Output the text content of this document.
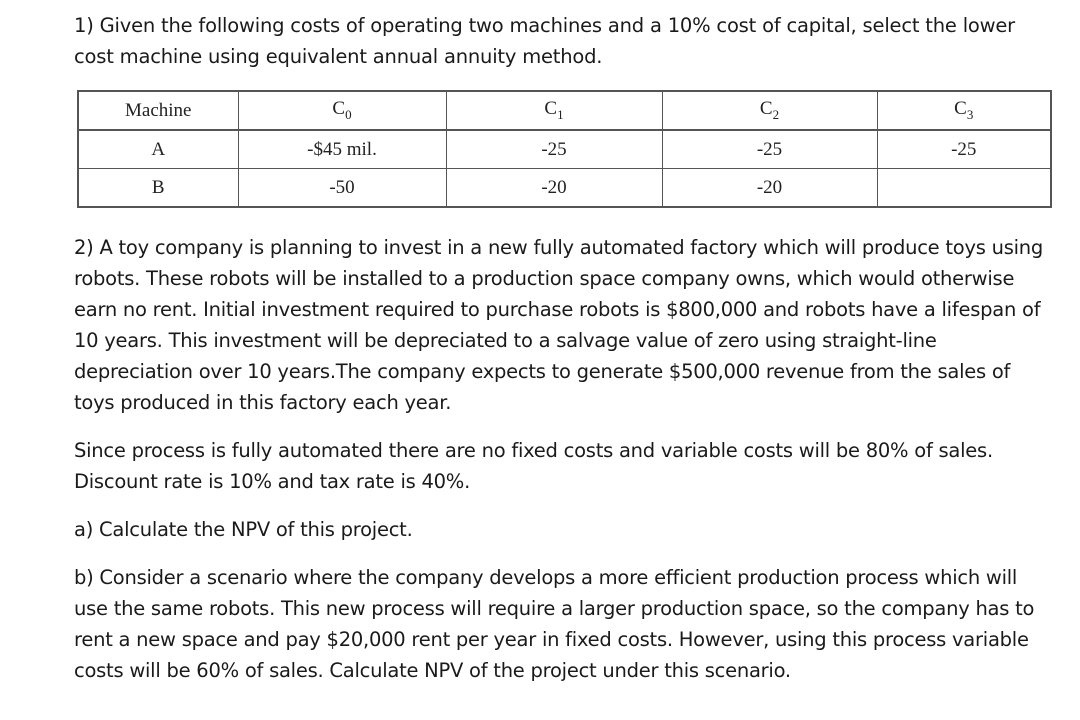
1) Given the following costs of operating two machines and a 10% cost of capital, select the lower
cost machine using equivalent annual annuity method.
Machine	$C_0$	$C_1$	$C_2$	$C_3$
A	-$45 mil.	-25	-25	-25
B	-50	-20	-20	

2) A toy company is planning to invest in a new fully automated factory which will produce toys using
robots. These robots will be installed to a production space company owns, which would otherwise
earn no rent. Initial investment required to purchase robots is $800,000 and robots have a lifespan of
10 years. This investment will be depreciated to a salvage value of zero using straight-line
depreciation over 10 years.The company expects to generate $500,000 revenue from the sales of
toys produced in this factory each year.

Since process is fully automated there are no fixed costs and variable costs will be 80% of sales.
Discount rate is 10% and tax rate is 40%.

a) Calculate the NPV of this project.

b) Consider a scenario where the company develops a more efficient production process which will
use the same robots. This new process will require a larger production space, so the company has to
rent a new space and pay $20,000 rent per year in fixed costs. However, using this process variable
costs will be 60% of sales. Calculate NPV of the project under this scenario.
